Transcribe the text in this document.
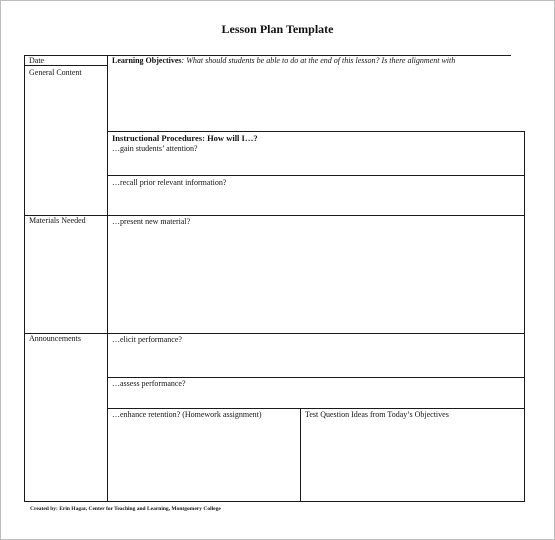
Lesson Plan Template
Date
General Content
Materials Needed
Announcements
Learning Objectives: What should students be able to do at the end of this lesson? Is there alignment with
Instructional Procedures: How will I…?
…gain students’ attention?
…recall prior relevant information?
…present new material?
…elicit performance?
…assess performance?
…enhance retention? (Homework assignment)	Test Question Ideas from Today’s Objectives
Created by: Erin Hagar, Center for Teaching and Learning, Montgomery College
